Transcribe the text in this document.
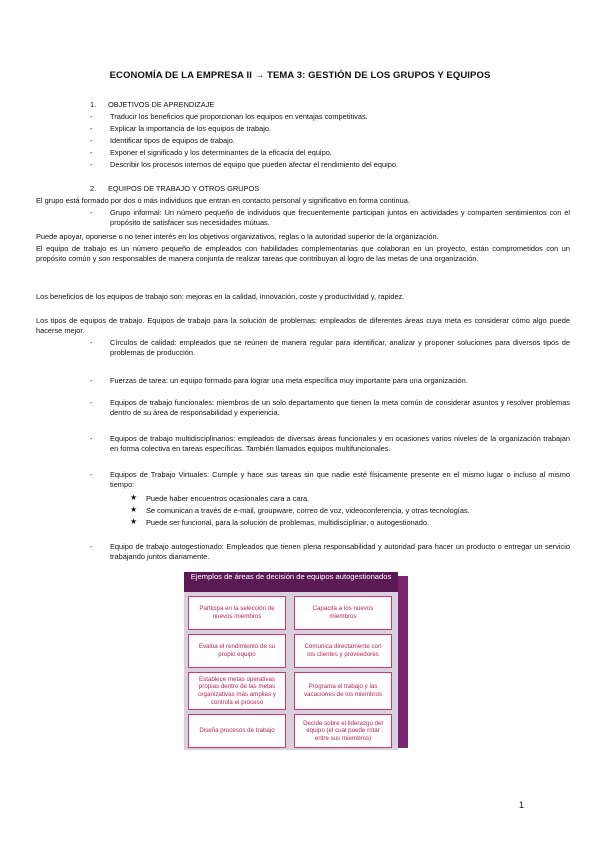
ECONOMÍA DE LA EMPRESA II → TEMA 3: GESTIÓN DE LOS GRUPOS Y EQUIPOS
1. OBJETIVOS DE APRENDIZAJE
- Traducir los beneficios que proporcionan los equipos en ventajas competitivas.
- Explicar la importancia de los equipos de trabajo.
- Identificar tipos de equipos de trabajo.
- Exponer el significado y los determinantes de la eficacia del equipo.
- Describir los procesos internos de equipo que pueden afectar el rendimiento del equipo.
2. EQUIPOS DE TRABAJO Y OTROS GRUPOS

El grupo está formado por dos o más individuos que entran en contacto personal y significativo en forma continua.

- Grupo informal: Un número pequeño de individuos que frecuentemente participan juntos en actividades y comparten sentimientos con el propósito de satisfacer sus necesidades mútuas.

Puede apoyar, oponerse o no tener interés en los objetivos organizativos, reglas o la autoridad superior de la organización.

El equipo de trabajo es un número pequeño de empleados con habilidades complementarias que colaboran en un proyecto, están comprometidos con un propósito común y son responsables de manera conjunta de realizar tareas que contribuyan al logro de las metas de una organización.

Los beneficios de los equipos de trabajo son: mejoras en la calidad, innovación, coste y productividad y, rapidez.

Los tipos de equipos de trabajo. Equipos de trabajo para la solución de problemas: empleados de diferentes áreas cuya meta es considerar cómo algo puede hacerse mejor.

- Círculos de calidad: empleados que se reúnen de manera regular para identificar, analizar y proponer soluciones para diversos tipos de problemas de producción.
- Fuerzas de tarea: un equipo formado para lograr una meta específica muy importante para una organización.
- Equipos de trabajo funcionales: miembros de un solo departamento que tienen la meta común de considerar asuntos y resolver problemas dentro de su área de responsabilidad y experiencia.
- Equipos de trabajo multidisciplinarios: empleados de diversas áreas funcionales y en ocasiones varios niveles de la organización trabajan en forma colectiva en tareas específicas. También llamados equipos multifuncionales.
- Equipos de Trabajo Virtuales: Cumple y hace sus tareas sin que nadie esté físicamente presente en el mismo lugar o incluso al mismo tiempo:
★ Puede haber encuentros ocasionales cara a cara.
★ Se comunican a través de e-mail, groupware, correo de voz, videoconferencia, y otras tecnologías.
★ Puede ser funcional, para la solución de problemas, multidisciplinar, o autogestionado.
- Equipo de trabajo autogestionado: Empleados que tienen plena responsabilidad y autoridad para hacer un producto o entregar un servicio trabajando juntos diariamente.
Participa en la selección de nuevos miembros
Capacita a los nuevos miembros
Evalúa el rendimiento de su propio equipo
Comunica directamente con los clientes y proveedores
Establece metas operativas propias dentro de las metas organizativas más amplias y controla el proceso
Programa el trabajo y las vacaciones de los miembros
Diseña procesos de trabajo
Decide sobre el liderazgo del equipo (el cual puede rotar entre sus miembros)
Ejemplos de áreas de decisión de equipos autogestionados
1
